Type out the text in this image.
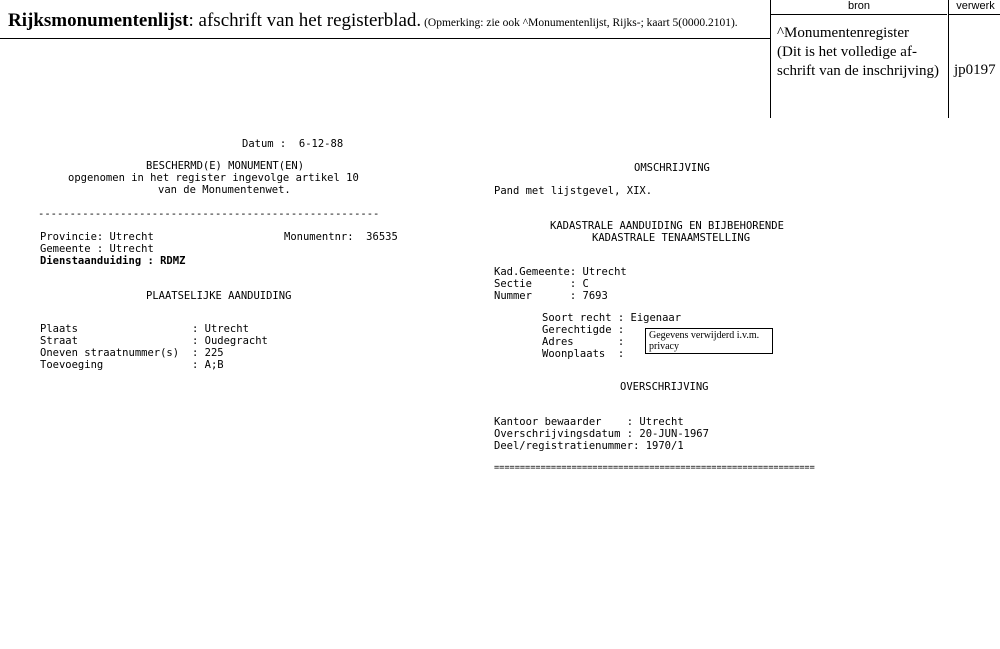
Rijksmonumentenlijst: afschrift van het registerblad. (Opmerking: zie ook ^Monumentenlijst, Rijks-; kaart 5(0000.2101).
bron	verwerk
^Monumentenregister
(Dit is het volledige af-
schrift van de inschrijving) jp0197
Datum :  6-12-88
BESCHERMD(E) MONUMENT(EN)
opgenomen in het register ingevolge artikel 10
van de Monumentenwet.
------------------------------------------------------
Provincie: Utrecht	Monumentnr:  36535
Gemeente : Utrecht
Dienstaanduiding : RDMZ
PLAATSELIJKE AANDUIDING
Plaats	: Utrecht
Straat	: Oudegracht
Oneven straatnummer(s) : 225
Toevoeging	: A;B
OMSCHRIJVING
Pand met lijstgevel, XIX.
KADASTRALE AANDUIDING EN BIJBEHORENDE
KADASTRALE TENAAMSTELLING
Kad.Gemeente: Utrecht
Sectie      : C
Nummer      : 7693
Soort recht : Eigenaar
Gerechtigde :
Adres       :
Woonplaats  :
OVERSCHRIJVING
Kantoor bewaarder    : Utrecht
Overschrijvingsdatum : 20-JUN-1967
Deel/registratienummer: 1970/1
==============================================================
Gegevens verwijderd i.v.m. privacy
